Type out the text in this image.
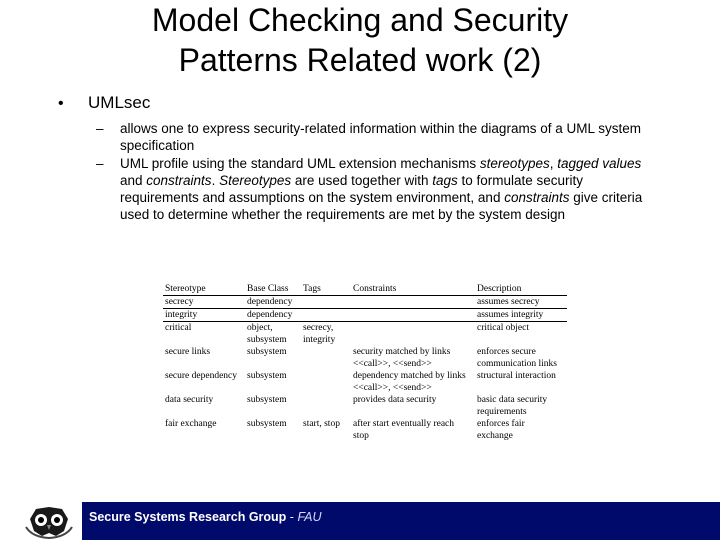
Model Checking and Security
Patterns Related work (2)
• UMLsec
– allows one to express security-related information within the diagrams of a UML system specification
– UML profile using the standard UML extension mechanisms stereotypes, tagged values and constraints. Stereotypes are used together with tags to formulate security requirements and assumptions on the system environment, and constraints give criteria used to determine whether the requirements are met by the system design
Stereotype	Base Class	Tags	Constraints	Description
secrecy	dependency			assumes secrecy
integrity	dependency			assumes integrity
critical	object,	secrecy,		critical object
	subsystem	integrity		
secure links	subsystem		security matched by links	enforces secure
			<<call>>, <<send>>	communication links
secure dependency	subsystem		dependency matched by links	structural interaction
			<<call>>, <<send>>	
data security	subsystem		provides data security	basic data security
				requirements
fair exchange	subsystem	start, stop	after start eventually reach	enforces fair
			stop	exchange
Secure Systems Research Group - FAU
